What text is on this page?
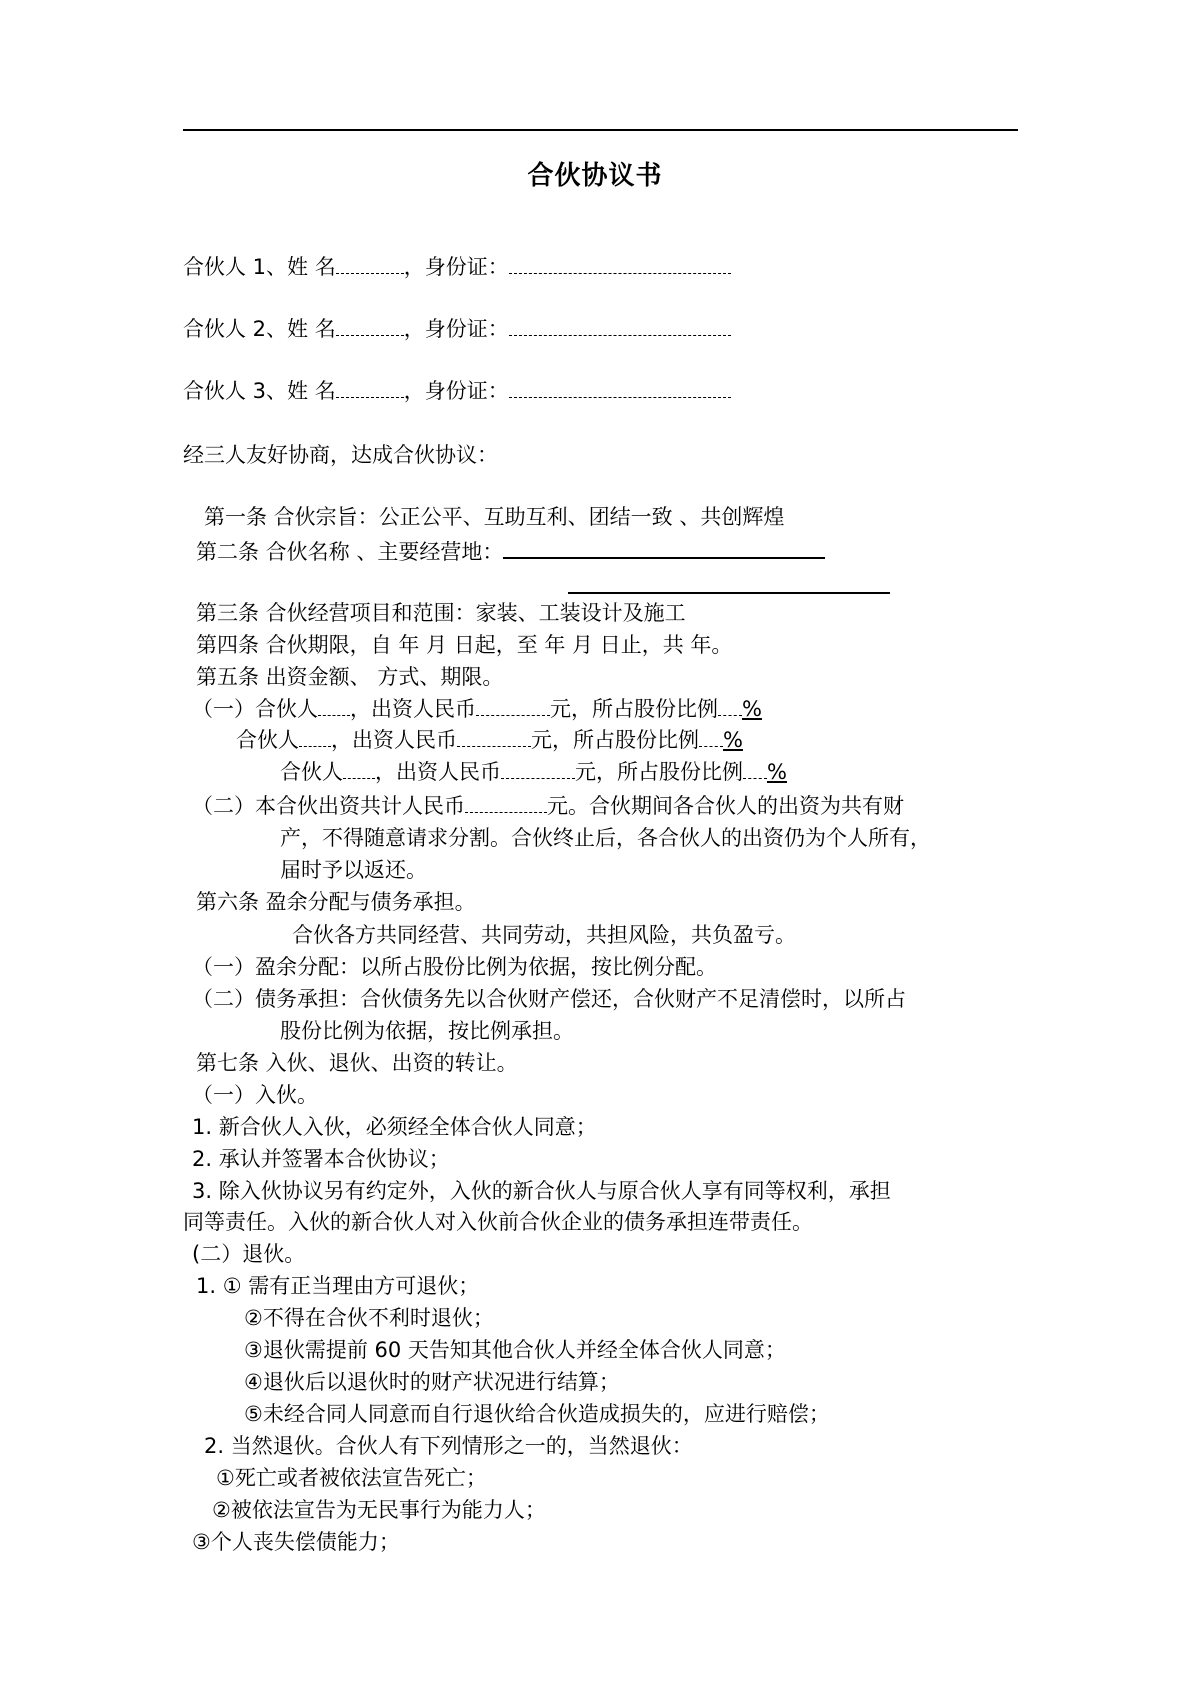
合伙协议书
合伙人 1、姓 名	，身份证：
合伙人 2、姓 名	，身份证：
合伙人 3、姓 名	，身份证：
经三人友好协商，达成合伙协议：
第一条 合伙宗旨：公正公平、互助互利、团结一致 、共创辉煌
第二条 合伙名称 、主要经营地：
第三条 合伙经营项目和范围：家装、工装设计及施工
第四条 合伙期限，自 年 月 日起，至 年 月 日止，共 年。
第五条 出资金额、 方式、期限。
（一）合伙人 ，出资人民币	元，所占股份比例 %
合伙人 ，出资人民币	元，所占股份比例 %
合伙人 ，出资人民币	元，所占股份比例 %
（二）本合伙出资共计人民币	元。合伙期间各合伙人的出资为共有财
产，不得随意请求分割。合伙终止后，各合伙人的出资仍为个人所有，
届时予以返还。
第六条 盈余分配与债务承担。
合伙各方共同经营、共同劳动，共担风险，共负盈亏。
（一）盈余分配：以所占股份比例为依据，按比例分配。
（二）债务承担：合伙债务先以合伙财产偿还，合伙财产不足清偿时，以所占
股份比例为依据，按比例承担。
第七条 入伙、退伙、出资的转让。
（一）入伙。
1. 新合伙人入伙，必须经全体合伙人同意；
2. 承认并签署本合伙协议；
3. 除入伙协议另有约定外，入伙的新合伙人与原合伙人享有同等权利，承担
同等责任。入伙的新合伙人对入伙前合伙企业的债务承担连带责任。
(二）退伙。
1. ① 需有正当理由方可退伙；
②不得在合伙不利时退伙；
③退伙需提前 60 天告知其他合伙人并经全体合伙人同意；
④退伙后以退伙时的财产状况进行结算；
⑤未经合同人同意而自行退伙给合伙造成损失的，应进行赔偿；
2. 当然退伙。合伙人有下列情形之一的，当然退伙：
①死亡或者被依法宣告死亡；
②被依法宣告为无民事行为能力人；
③个人丧失偿债能力；
